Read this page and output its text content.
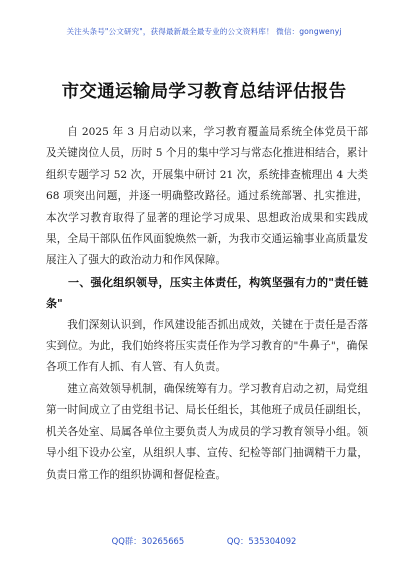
关注头条号"公文研究"，获得最新最全最专业的公文资料库！ 微信：gongwenyj
市交通运输局学习教育总结评估报告

自 2025 年 3 月启动以来，学习教育覆盖局系统全体党员干部及关键岗位人员，历时 5 个月的集中学习与常态化推进相结合，累计组织专题学习 52 次，开展集中研讨 21 次，系统排查梳理出 4 大类 68 项突出问题，并逐一明确整改路径。通过系统部署、扎实推进，本次学习教育取得了显著的理论学习成果、思想政治成果和实践成果，全局干部队伍作风面貌焕然一新，为我市交通运输事业高质量发展注入了强大的政治动力和作风保障。

一、强化组织领导，压实主体责任，构筑坚强有力的"责任链条"

我们深刻认识到，作风建设能否抓出成效，关键在于责任是否落实到位。为此，我们始终将压实责任作为学习教育的"牛鼻子"，确保各项工作有人抓、有人管、有人负责。

建立高效领导机制，确保统筹有力。学习教育启动之初，局党组第一时间成立了由党组书记、局长任组长，其他班子成员任副组长，机关各处室、局属各单位主要负责人为成员的学习教育领导小组。领导小组下设办公室，从组织人事、宣传、纪检等部门抽调精干力量，负责日常工作的组织协调和督促检查。

QQ群：30265665	QQ：535304092
